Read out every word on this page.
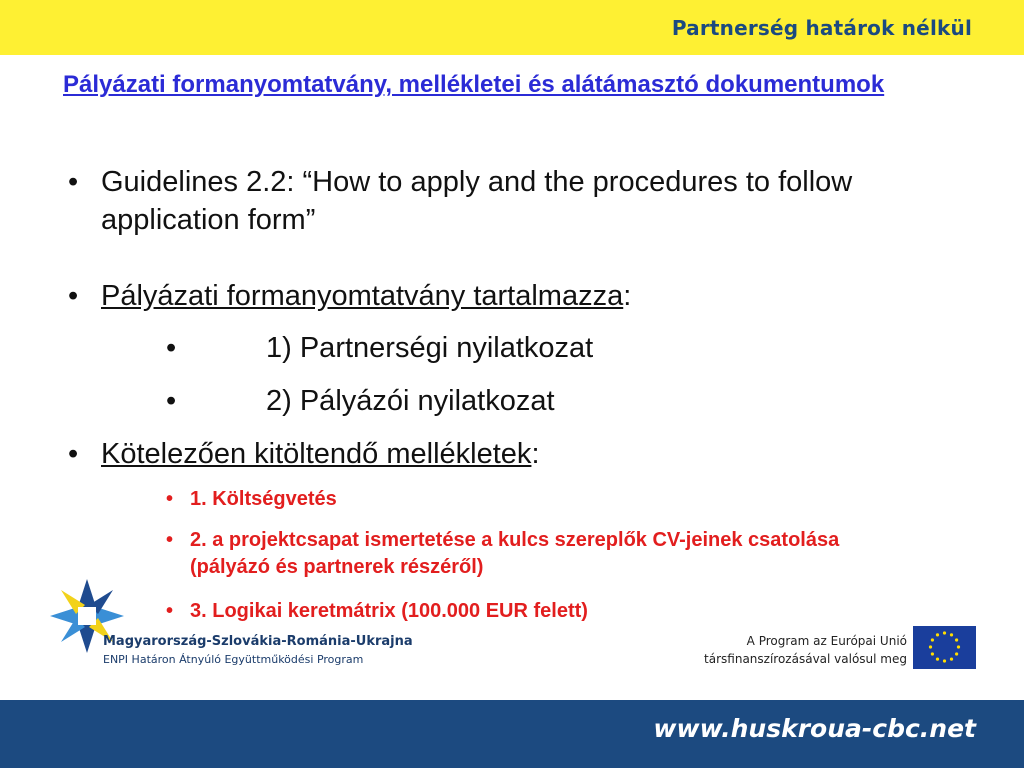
Partnerség határok nélkül
Pályázati formanyomtatvány, mellékletei és alátámasztó dokumentumok
• Guidelines 2.2: “How to apply and the procedures to follow application form”
• Pályázati formanyomtatvány tartalmazza:
•	1) Partnerségi nyilatkozat
•	2) Pályázói nyilatkozat
• Kötelezően kitöltendő mellékletek:
• 1. Költségvetés
• 2. a projektcsapat ismertetése a kulcs szereplők CV-jeinek csatolása (pályázó és partnerek részéről)
• 3. Logikai keretmátrix (100.000 EUR felett)
Magyarország-Szlovákia-Románia-Ukrajna
ENPI Határon Átnyúló Együttműködési Program
A Program az Európai Unió
társfinanszírozásával valósul meg
www.huskroua-cbc.net
